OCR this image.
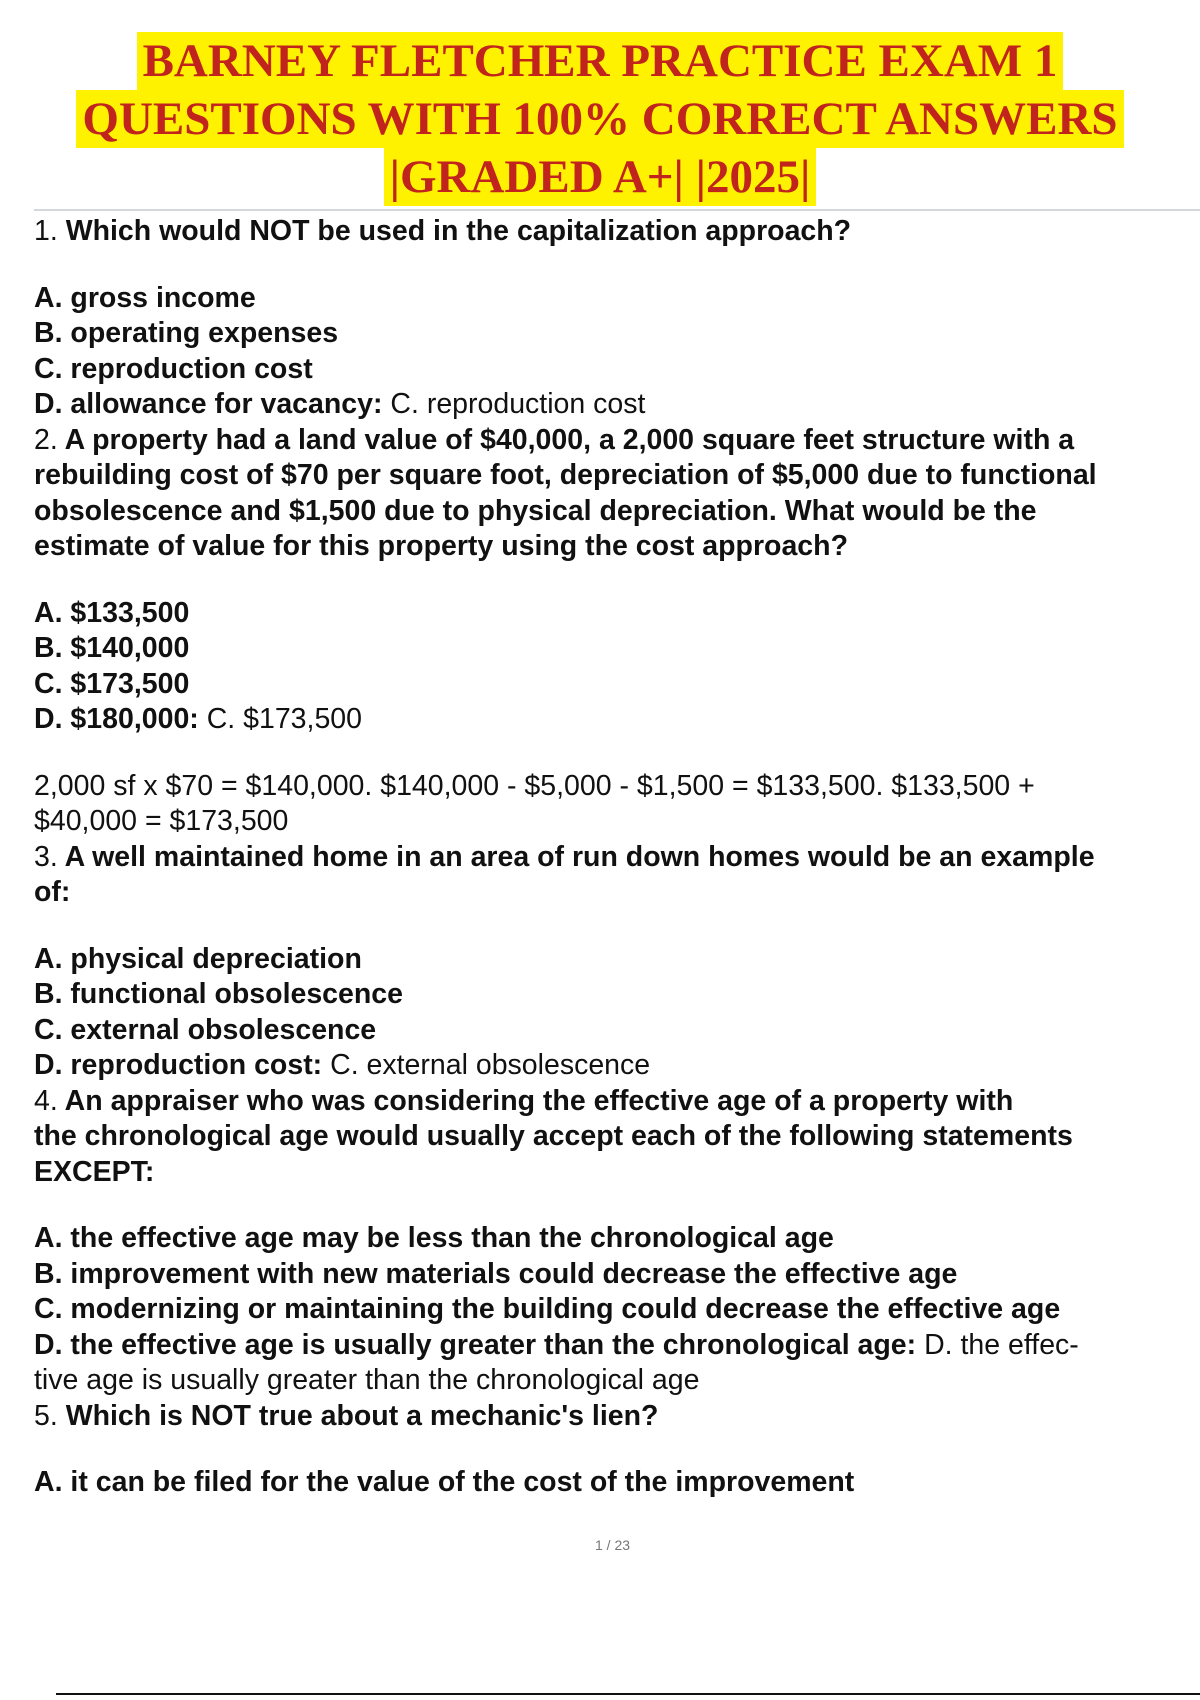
BARNEY FLETCHER PRACTICE EXAM 1
QUESTIONS WITH 100% CORRECT ANSWERS
|GRADED A+| |2025|
1. Which would NOT be used in the capitalization approach?
A. gross income
B. operating expenses
C. reproduction cost
D. allowance for vacancy: C. reproduction cost
2. A property had a land value of $40,000, a 2,000 square feet structure with a
rebuilding cost of $70 per square foot, depreciation of $5,000 due to functional
obsolescence and $1,500 due to physical depreciation. What would be the
estimate of value for this property using the cost approach?
A. $133,500
B. $140,000
C. $173,500
D. $180,000: C. $173,500
2,000 sf x $70 = $140,000. $140,000 - $5,000 - $1,500 = $133,500. $133,500 +
$40,000 = $173,500
3. A well maintained home in an area of run down homes would be an example
of:
A. physical depreciation
B. functional obsolescence
C. external obsolescence
D. reproduction cost: C. external obsolescence
4. An appraiser who was considering the effective age of a property with
the chronological age would usually accept each of the following statements
EXCEPT:
A. the effective age may be less than the chronological age
B. improvement with new materials could decrease the effective age
C. modernizing or maintaining the building could decrease the effective age
D. the effective age is usually greater than the chronological age: D. the effec-
tive age is usually greater than the chronological age
5. Which is NOT true about a mechanic's lien?
A. it can be filed for the value of the cost of the improvement
1 / 23
